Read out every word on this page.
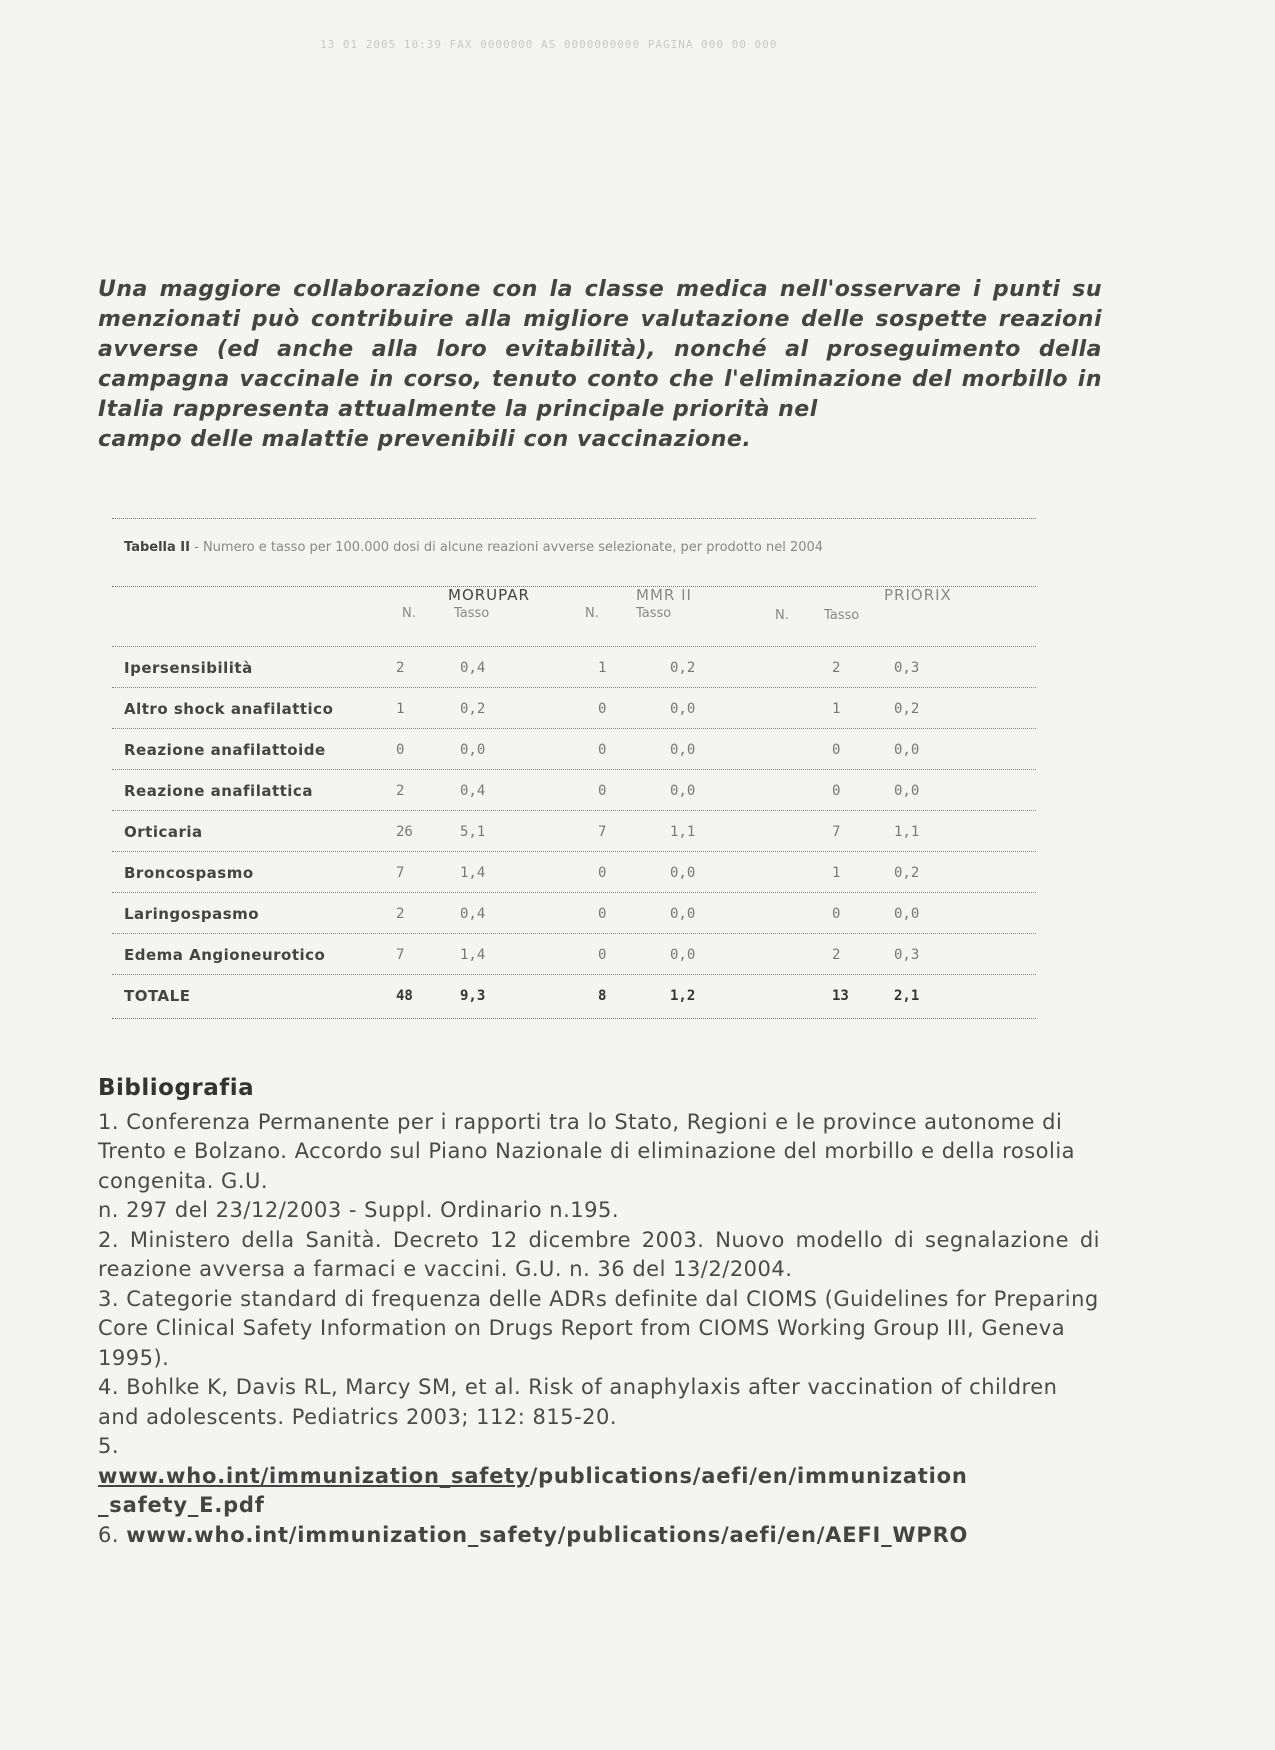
13 01 2005 10:39 FAX 0000000 AS 0000000000 PAGINA 000 00 000
Una maggiore collaborazione con la classe medica nell'osservare i punti su menzionati può contribuire alla migliore valutazione delle sospette reazioni avverse (ed anche alla loro evitabilità), nonché al proseguimento della campagna vaccinale in corso, tenuto conto che l'eliminazione del morbillo in Italia rappresenta attualmente la principale priorità nel
campo delle malattie prevenibili con vaccinazione.
Tabella II - Numero e tasso per 100.000 dosi di alcune reazioni avverse selezionate, per prodotto nel 2004
MORUPAR	MMR II	PRIORIX
N.	Tasso	N.	Tasso	N.	Tasso
Ipersensibilità	2	0,4	1	0,2	2	0,3
Altro shock anafilattico	1	0,2	0	0,0	1	0,2
Reazione anafilattoide	0	0,0	0	0,0	0	0,0
Reazione anafilattica	2	0,4	0	0,0	0	0,0
Orticaria	26	5,1	7	1,1	7	1,1
Broncospasmo	7	1,4	0	0,0	1	0,2
Laringospasmo	2	0,4	0	0,0	0	0,0
Edema Angioneurotico	7	1,4	0	0,0	2	0,3
TOTALE	48	9,3	8	1,2	13	2,1
Bibliografia

1. Conferenza Permanente per i rapporti tra lo Stato, Regioni e le province autonome di Trento e Bolzano. Accordo sul Piano Nazionale di eliminazione del morbillo e della rosolia congenita. G.U.

n. 297 del 23/12/2003 - Suppl. Ordinario n.195.

2. Ministero della Sanità. Decreto 12 dicembre 2003. Nuovo modello di segnalazione di reazione avversa a farmaci e vaccini. G.U. n. 36 del 13/2/2004.

3. Categorie standard di frequenza delle ADRs definite dal CIOMS (Guidelines for Preparing Core Clinical Safety Information on Drugs Report from CIOMS Working Group III, Geneva 1995).

4. Bohlke K, Davis RL, Marcy SM, et al. Risk of anaphylaxis after vaccination of children and adolescents. Pediatrics 2003; 112: 815-20.

5.

www.who.int/immunization_safety/publications/aefi/en/immunization

_safety_E.pdf

6. www.who.int/immunization_safety/publications/aefi/en/AEFI_WPRO
